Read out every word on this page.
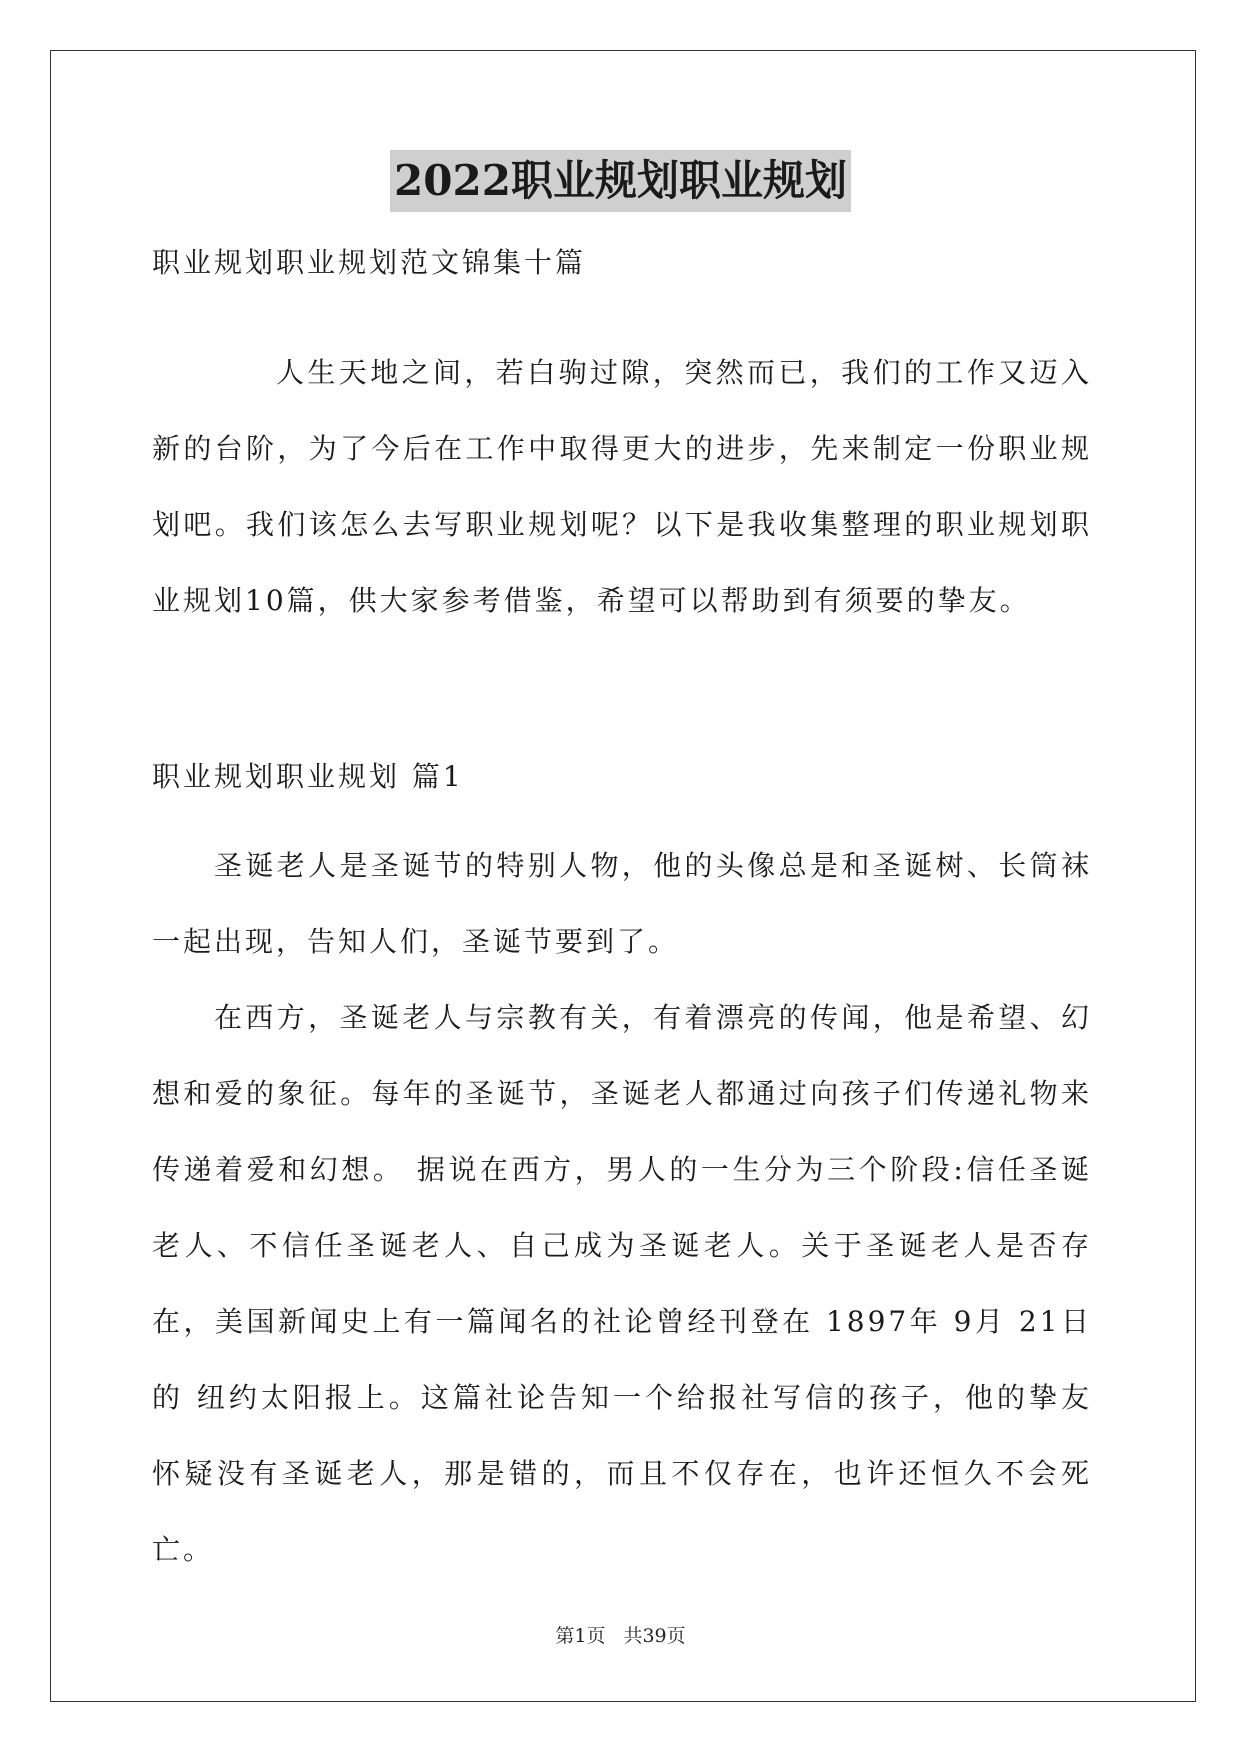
2022职业规划职业规划
职业规划职业规划范文锦集十篇

人生天地之间，若白驹过隙，突然而已，我们的工作又迈入新的台阶，为了今后在工作中取得更大的进步，先来制定一份职业规划吧。我们该怎么去写职业规划呢？以下是我收集整理的职业规划职业规划10篇，供大家参考借鉴，希望可以帮助到有须要的挚友。

职业规划职业规划 篇1

圣诞老人是圣诞节的特别人物，他的头像总是和圣诞树、长筒袜一起出现，告知人们，圣诞节要到了。

在西方，圣诞老人与宗教有关，有着漂亮的传闻，他是希望、幻想和爱的象征。每年的圣诞节，圣诞老人都通过向孩子们传递礼物来传递着爱和幻想。 据说在西方，男人的一生分为三个阶段:信任圣诞老人、不信任圣诞老人、自己成为圣诞老人。关于圣诞老人是否存在，美国新闻史上有一篇闻名的社论曾经刊登在 1897年 9月 21日的 纽约太阳报上。这篇社论告知一个给报社写信的孩子，他的挚友怀疑没有圣诞老人，那是错的，而且不仅存在，也许还恒久不会死亡。

第1页 共39页
